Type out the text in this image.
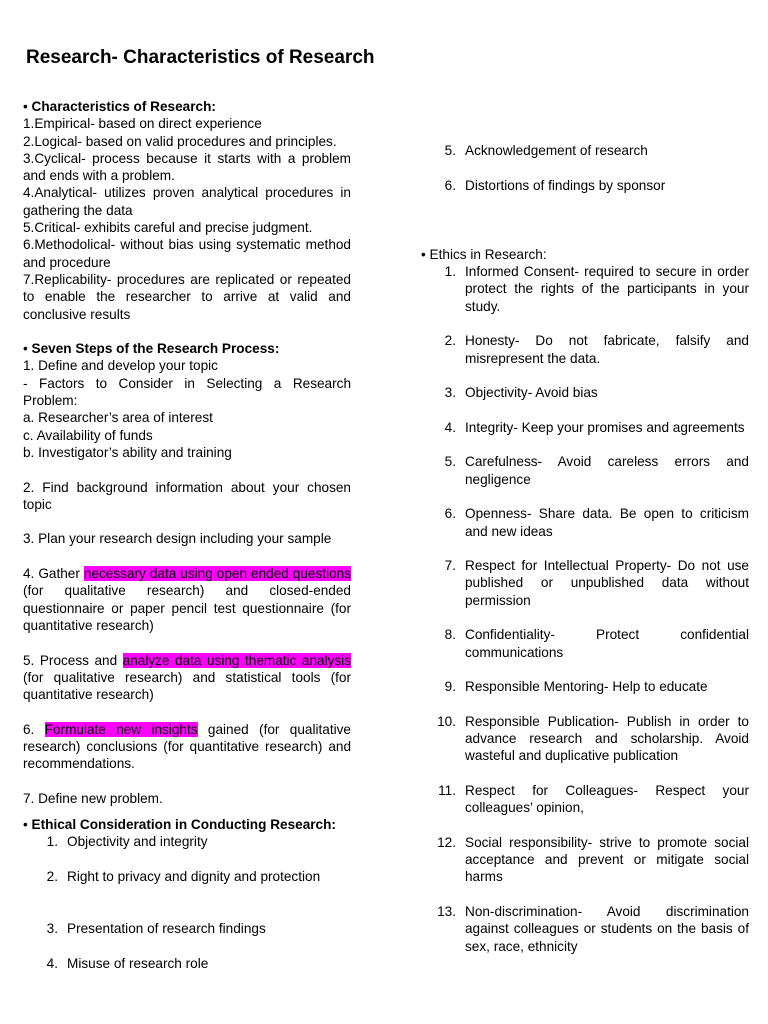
Research- Characteristics of Research

• Characteristics of Research:

1.Empirical- based on direct experience

2.Logical- based on valid procedures and principles.

3.Cyclical- process because it starts with a problem and ends with a problem.

4.Analytical- utilizes proven analytical procedures in gathering the data

5.Critical- exhibits careful and precise judgment.

6.Methodolical- without bias using systematic method and procedure

7.Replicability- procedures are replicated or repeated to enable the researcher to arrive at valid and conclusive results

• Seven Steps of the Research Process:

1. Define and develop your topic

- Factors to Consider in Selecting a Research Problem:

a. Researcher’s area of interest

c. Availability of funds

b. Investigator’s ability and training

2. Find background information about your chosen topic

3. Plan your research design including your sample

4. Gather necessary data using open ended questions (for qualitative research) and closed-ended questionnaire or paper pencil test questionnaire (for quantitative research)

5. Process and analyze data using thematic analysis (for qualitative research) and statistical tools (for quantitative research)

6. Formulate new insights gained (for qualitative research) conclusions (for quantitative research) and recommendations.

7. Define new problem.

• Ethical Consideration in Conducting Research:

1. Objectivity and integrity
2. Right to privacy and dignity and protection
3. Presentation of research findings
4. Misuse of research role
5. Acknowledgement of research
6. Distortions of findings by sponsor

• Ethics in Research:

1. Informed Consent- required to secure in order protect the rights of the participants in your study.
2. Honesty- Do not fabricate, falsify and misrepresent the data.
3. Objectivity- Avoid bias
4. Integrity- Keep your promises and agreements
5. Carefulness- Avoid careless errors and negligence
6. Openness- Share data. Be open to criticism and new ideas
7. Respect for Intellectual Property- Do not use published or unpublished data without permission
8. Confidentiality- Protect confidential communications
9. Responsible Mentoring- Help to educate
10. Responsible Publication- Publish in order to advance research and scholarship. Avoid wasteful and duplicative publication
11. Respect for Colleagues- Respect your colleagues’ opinion,
12. Social responsibility- strive to promote social acceptance and prevent or mitigate social harms
13. Non-discrimination- Avoid discrimination against colleagues or students on the basis of sex, race, ethnicity
